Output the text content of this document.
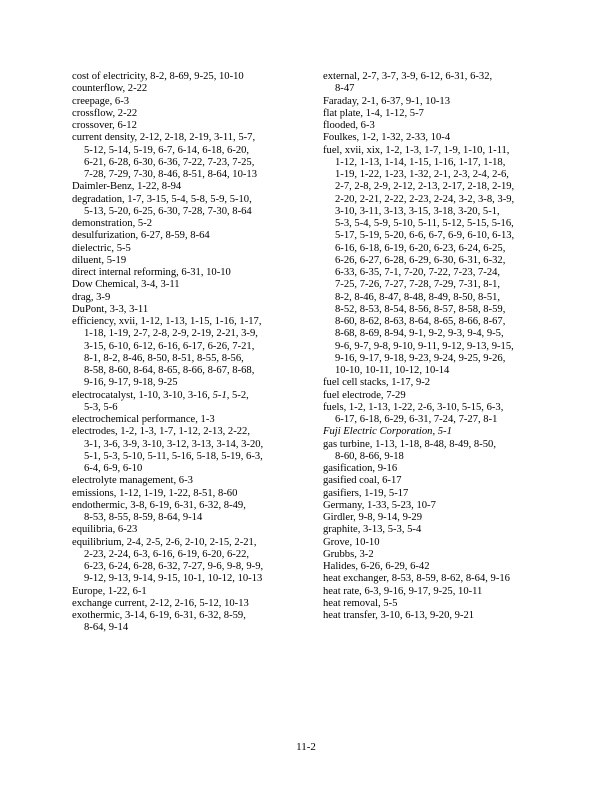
cost of electricity, 8-2, 8-69, 9-25, 10-10
counterflow, 2-22
creepage, 6-3
crossflow, 2-22
crossover, 6-12
current density, 2-12, 2-18, 2-19, 3-11, 5-7,
5-12, 5-14, 5-19, 6-7, 6-14, 6-18, 6-20,
6-21, 6-28, 6-30, 6-36, 7-22, 7-23, 7-25,
7-28, 7-29, 7-30, 8-46, 8-51, 8-64, 10-13
Daimler-Benz, 1-22, 8-94
degradation, 1-7, 3-15, 5-4, 5-8, 5-9, 5-10,
5-13, 5-20, 6-25, 6-30, 7-28, 7-30, 8-64
demonstration, 5-2
desulfurization, 6-27, 8-59, 8-64
dielectric, 5-5
diluent, 5-19
direct internal reforming, 6-31, 10-10
Dow Chemical, 3-4, 3-11
drag, 3-9
DuPont, 3-3, 3-11
efficiency, xvii, 1-12, 1-13, 1-15, 1-16, 1-17,
1-18, 1-19, 2-7, 2-8, 2-9, 2-19, 2-21, 3-9,
3-15, 6-10, 6-12, 6-16, 6-17, 6-26, 7-21,
8-1, 8-2, 8-46, 8-50, 8-51, 8-55, 8-56,
8-58, 8-60, 8-64, 8-65, 8-66, 8-67, 8-68,
9-16, 9-17, 9-18, 9-25
electrocatalyst, 1-10, 3-10, 3-16, 5-1, 5-2,
5-3, 5-6
electrochemical performance, 1-3
electrodes, 1-2, 1-3, 1-7, 1-12, 2-13, 2-22,
3-1, 3-6, 3-9, 3-10, 3-12, 3-13, 3-14, 3-20,
5-1, 5-3, 5-10, 5-11, 5-16, 5-18, 5-19, 6-3,
6-4, 6-9, 6-10
electrolyte management, 6-3
emissions, 1-12, 1-19, 1-22, 8-51, 8-60
endothermic, 3-8, 6-19, 6-31, 6-32, 8-49,
8-53, 8-55, 8-59, 8-64, 9-14
equilibria, 6-23
equilibrium, 2-4, 2-5, 2-6, 2-10, 2-15, 2-21,
2-23, 2-24, 6-3, 6-16, 6-19, 6-20, 6-22,
6-23, 6-24, 6-28, 6-32, 7-27, 9-6, 9-8, 9-9,
9-12, 9-13, 9-14, 9-15, 10-1, 10-12, 10-13
Europe, 1-22, 6-1
exchange current, 2-12, 2-16, 5-12, 10-13
exothermic, 3-14, 6-19, 6-31, 6-32, 8-59,
8-64, 9-14
external, 2-7, 3-7, 3-9, 6-12, 6-31, 6-32,
8-47
Faraday, 2-1, 6-37, 9-1, 10-13
flat plate, 1-4, 1-12, 5-7
flooded, 6-3
Foulkes, 1-2, 1-32, 2-33, 10-4
fuel, xvii, xix, 1-2, 1-3, 1-7, 1-9, 1-10, 1-11,
1-12, 1-13, 1-14, 1-15, 1-16, 1-17, 1-18,
1-19, 1-22, 1-23, 1-32, 2-1, 2-3, 2-4, 2-6,
2-7, 2-8, 2-9, 2-12, 2-13, 2-17, 2-18, 2-19,
2-20, 2-21, 2-22, 2-23, 2-24, 3-2, 3-8, 3-9,
3-10, 3-11, 3-13, 3-15, 3-18, 3-20, 5-1,
5-3, 5-4, 5-9, 5-10, 5-11, 5-12, 5-15, 5-16,
5-17, 5-19, 5-20, 6-6, 6-7, 6-9, 6-10, 6-13,
6-16, 6-18, 6-19, 6-20, 6-23, 6-24, 6-25,
6-26, 6-27, 6-28, 6-29, 6-30, 6-31, 6-32,
6-33, 6-35, 7-1, 7-20, 7-22, 7-23, 7-24,
7-25, 7-26, 7-27, 7-28, 7-29, 7-31, 8-1,
8-2, 8-46, 8-47, 8-48, 8-49, 8-50, 8-51,
8-52, 8-53, 8-54, 8-56, 8-57, 8-58, 8-59,
8-60, 8-62, 8-63, 8-64, 8-65, 8-66, 8-67,
8-68, 8-69, 8-94, 9-1, 9-2, 9-3, 9-4, 9-5,
9-6, 9-7, 9-8, 9-10, 9-11, 9-12, 9-13, 9-15,
9-16, 9-17, 9-18, 9-23, 9-24, 9-25, 9-26,
10-10, 10-11, 10-12, 10-14
fuel cell stacks, 1-17, 9-2
fuel electrode, 7-29
fuels, 1-2, 1-13, 1-22, 2-6, 3-10, 5-15, 6-3,
6-17, 6-18, 6-29, 6-31, 7-24, 7-27, 8-1
Fuji Electric Corporation, 5-1
gas turbine, 1-13, 1-18, 8-48, 8-49, 8-50,
8-60, 8-66, 9-18
gasification, 9-16
gasified coal, 6-17
gasifiers, 1-19, 5-17
Germany, 1-33, 5-23, 10-7
Girdler, 9-8, 9-14, 9-29
graphite, 3-13, 5-3, 5-4
Grove, 10-10
Grubbs, 3-2
Halides, 6-26, 6-29, 6-42
heat exchanger, 8-53, 8-59, 8-62, 8-64, 9-16
heat rate, 6-3, 9-16, 9-17, 9-25, 10-11
heat removal, 5-5
heat transfer, 3-10, 6-13, 9-20, 9-21
11-2
